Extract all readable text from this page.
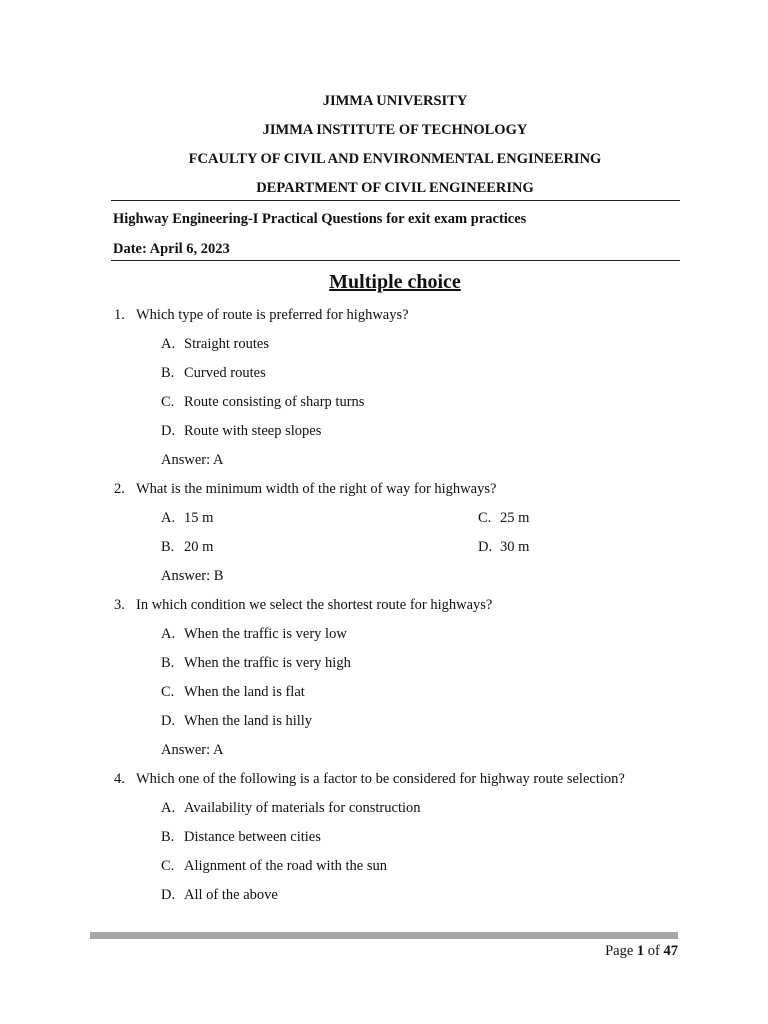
JIMMA UNIVERSITY
JIMMA INSTITUTE OF TECHNOLOGY
FCAULTY OF CIVIL AND ENVIRONMENTAL ENGINEERING
DEPARTMENT OF CIVIL ENGINEERING
Highway Engineering-I Practical Questions for exit exam practices
Date: April 6, 2023
Multiple choice
1. Which type of route is preferred for highways?
A. Straight routes
B. Curved routes
C. Route consisting of sharp turns
D. Route with steep slopes
Answer: A
2. What is the minimum width of the right of way for highways?
A. 15 m
B. 20 m
C. 25 m
D. 30 m
Answer: B
3. In which condition we select the shortest route for highways?
A. When the traffic is very low
B. When the traffic is very high
C. When the land is flat
D. When the land is hilly
Answer: A
4. Which one of the following is a factor to be considered for highway route selection?
A. Availability of materials for construction
B. Distance between cities
C. Alignment of the road with the sun
D. All of the above
Page 1 of 47
